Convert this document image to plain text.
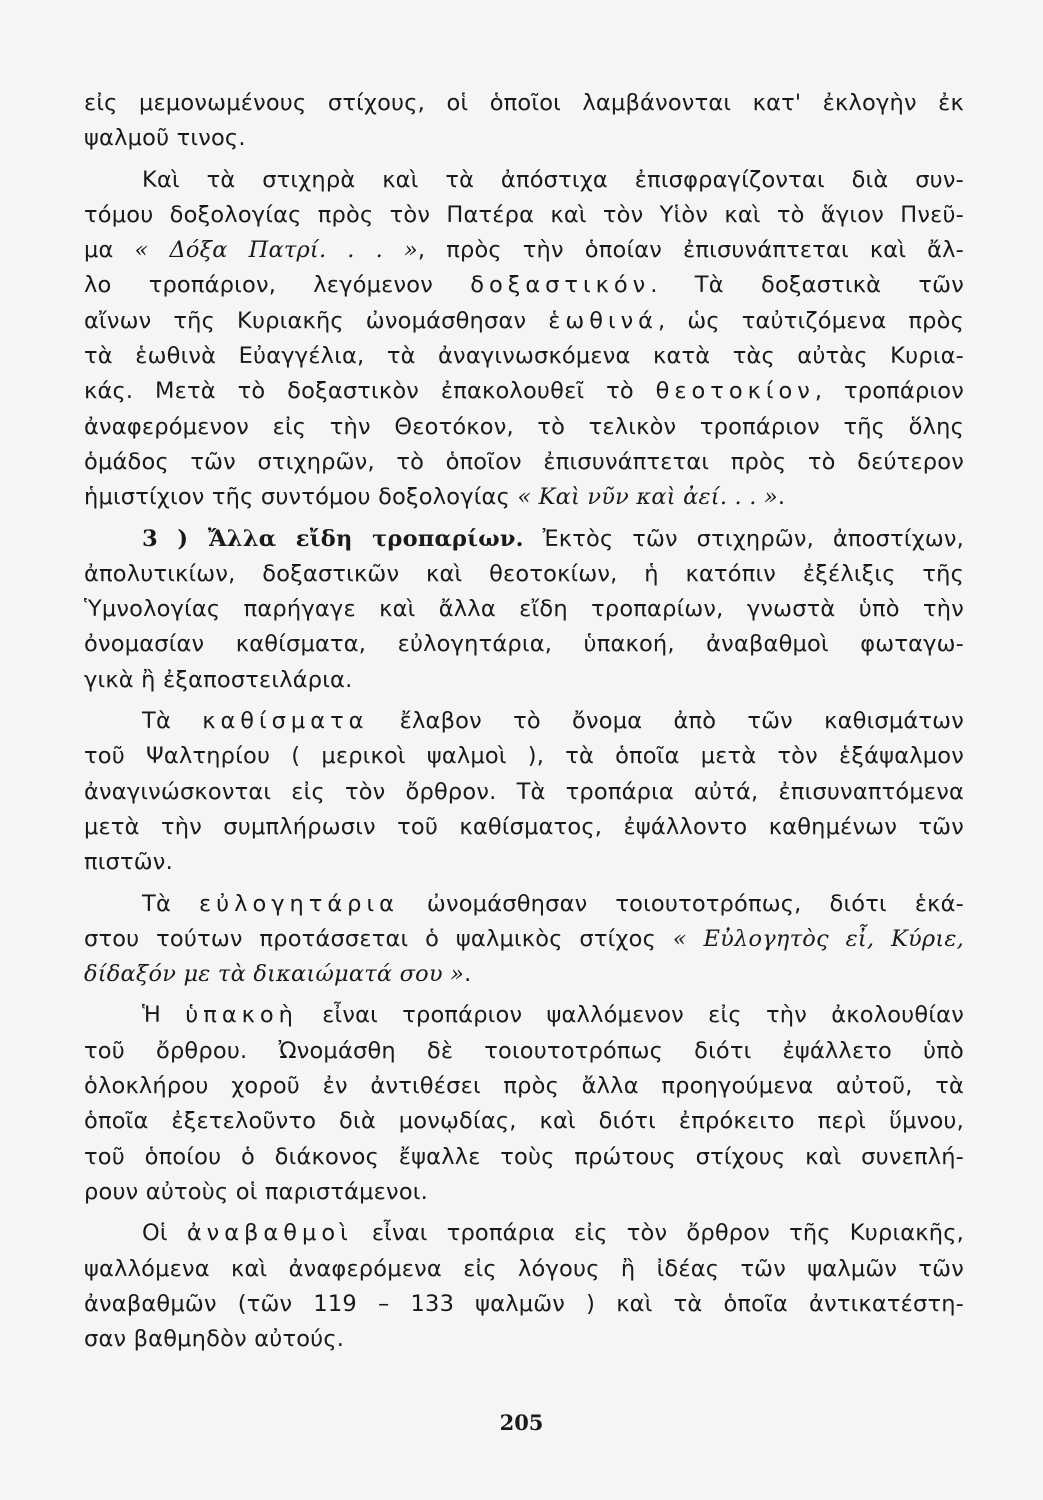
εἰς μεμονωμένους στίχους, οἱ ὁποῖοι λαμβάνονται κατ' ἐκλογὴν ἐκ
ψαλμοῦ τινος.
Καὶ τὰ στιχηρὰ καὶ τὰ ἀπόστιχα ἐπισφραγίζονται διὰ συν-
τόμου δοξολογίας πρὸς τὸν Πατέρα καὶ τὸν Υἱὸν καὶ τὸ ἅγιον Πνεῦ-
μα « Δόξα Πατρί. . . », πρὸς τὴν ὁποίαν ἐπισυνάπτεται καὶ ἄλ-
λο τροπάριον, λεγόμενον δοξαστικόν. Τὰ δοξαστικὰ τῶν
αἴνων τῆς Κυριακῆς ὠνομάσθησαν ἑωθινά, ὡς ταὐτιζόμενα πρὸς
τὰ ἑωθινὰ Εὐαγγέλια, τὰ ἀναγινωσκόμενα κατὰ τὰς αὐτὰς Κυρια-
κάς. Μετὰ τὸ δοξαστικὸν ἐπακολουθεῖ τὸ θεοτοκίον, τροπάριον
ἀναφερόμενον εἰς τὴν Θεοτόκον, τὸ τελικὸν τροπάριον τῆς ὅλης
ὁμάδος τῶν στιχηρῶν, τὸ ὁποῖον ἐπισυνάπτεται πρὸς τὸ δεύτερον
ἡμιστίχιον τῆς συντόμου δοξολογίας « Καὶ νῦν καὶ ἀεί. . . ».
3 ) Ἄλλα εἴδη τροπαρίων. Ἐκτὸς τῶν στιχηρῶν, ἀποστίχων,
ἀπολυτικίων, δοξαστικῶν καὶ θεοτοκίων, ἡ κατόπιν ἐξέλιξις τῆς
Ὑμνολογίας παρήγαγε καὶ ἄλλα εἴδη τροπαρίων, γνωστὰ ὑπὸ τὴν
ὀνομασίαν καθίσματα, εὐλογητάρια, ὑπακοή, ἀναβαθμοὶ φωταγω-
γικὰ ἢ ἐξαποστειλάρια.
Τὰ καθίσματα ἔλαβον τὸ ὄνομα ἀπὸ τῶν καθισμάτων
τοῦ Ψαλτηρίου ( μερικοὶ ψαλμοὶ ), τὰ ὁποῖα μετὰ τὸν ἑξάψαλμον
ἀναγινώσκονται εἰς τὸν ὄρθρον. Τὰ τροπάρια αὐτά, ἐπισυναπτόμενα
μετὰ τὴν συμπλήρωσιν τοῦ καθίσματος, ἐψάλλοντο καθημένων τῶν
πιστῶν.
Τὰ εὐλογητάρια ὠνομάσθησαν τοιουτοτρόπως, διότι ἑκά-
στου τούτων προτάσσεται ὁ ψαλμικὸς στίχος « Εὐλογητὸς εἶ, Κύριε,
δίδαξόν με τὰ δικαιώματά σου ».
Ἡ ὑπακοὴ εἶναι τροπάριον ψαλλόμενον εἰς τὴν ἀκολουθίαν
τοῦ ὄρθρου. Ὠνομάσθη δὲ τοιουτοτρόπως διότι ἐψάλλετο ὑπὸ
ὁλοκλήρου χοροῦ ἐν ἀντιθέσει πρὸς ἄλλα προηγούμενα αὐτοῦ, τὰ
ὁποῖα ἐξετελοῦντο διὰ μονῳδίας, καὶ διότι ἐπρόκειτο περὶ ὕμνου,
τοῦ ὁποίου ὁ διάκονος ἔψαλλε τοὺς πρώτους στίχους καὶ συνεπλή-
ρουν αὐτοὺς οἱ παριστάμενοι.
Οἱ ἀναβαθμοὶ εἶναι τροπάρια εἰς τὸν ὄρθρον τῆς Κυριακῆς,
ψαλλόμενα καὶ ἀναφερόμενα εἰς λόγους ἢ ἰδέας τῶν ψαλμῶν τῶν
ἀναβαθμῶν (τῶν 119 – 133 ψαλμῶν ) καὶ τὰ ὁποῖα ἀντικατέστη-
σαν βαθμηδὸν αὐτούς.
205
